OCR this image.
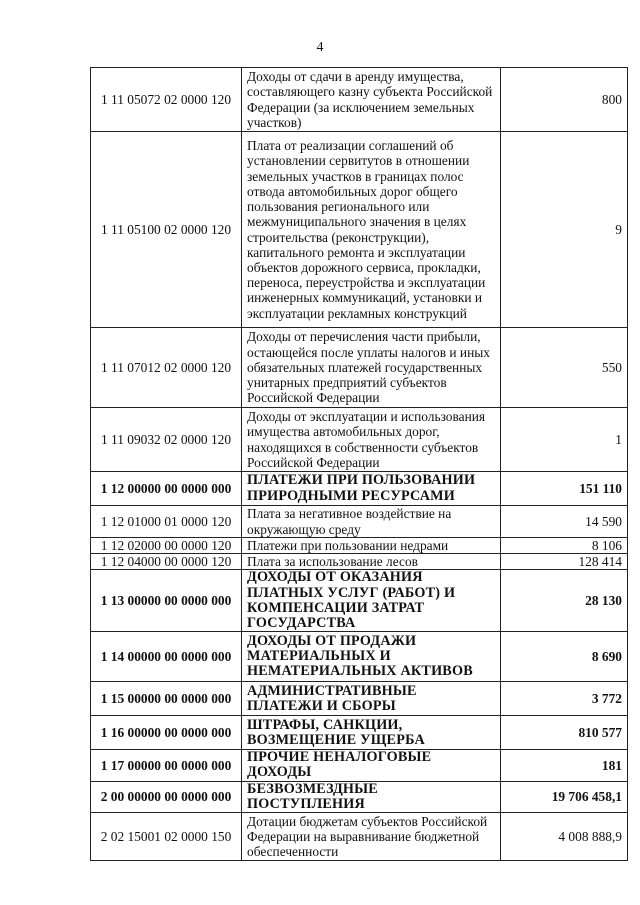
4
1 11 05072 02 0000 120	Доходы от сдачи в аренду имущества, составляющего казну субъекта Российской Федерации (за исключением земельных участков)	800
1 11 05100 02 0000 120	Плата от реализации соглашений об установлении сервитутов в отношении земельных участков в границах полос отвода автомобильных дорог общего пользования регионального или межмуниципального значения в целях строительства (реконструкции), капитального ремонта и эксплуатации объектов дорожного сервиса, прокладки, переноса, переустройства и эксплуатации инженерных коммуникаций, установки и эксплуатации рекламных конструкций	9
1 11 07012 02 0000 120	Доходы от перечисления части прибыли, остающейся после уплаты налогов и иных обязательных платежей государственных унитарных предприятий субъектов Российской Федерации	550
1 11 09032 02 0000 120	Доходы от эксплуатации и использования имущества автомобильных дорог, находящихся в собственности субъектов Российской Федерации	1
1 12 00000 00 0000 000	ПЛАТЕЖИ ПРИ ПОЛЬЗОВАНИИ ПРИРОДНЫМИ РЕСУРСАМИ	151 110
1 12 01000 01 0000 120	Плата за негативное воздействие на окружающую среду	14 590
1 12 02000 00 0000 120	Платежи при пользовании недрами	8 106
1 12 04000 00 0000 120	Плата за использование лесов	128 414
1 13 00000 00 0000 000	ДОХОДЫ ОТ ОКАЗАНИЯ ПЛАТНЫХ УСЛУГ (РАБОТ) И КОМПЕНСАЦИИ ЗАТРАТ ГОСУДАРСТВА	28 130
1 14 00000 00 0000 000	ДОХОДЫ ОТ ПРОДАЖИ МАТЕРИАЛЬНЫХ И НЕМАТЕРИАЛЬНЫХ АКТИВОВ	8 690
1 15 00000 00 0000 000	АДМИНИСТРАТИВНЫЕ ПЛАТЕЖИ И СБОРЫ	3 772
1 16 00000 00 0000 000	ШТРАФЫ, САНКЦИИ, ВОЗМЕЩЕНИЕ УЩЕРБА	810 577
1 17 00000 00 0000 000	ПРОЧИЕ НЕНАЛОГОВЫЕ ДОХОДЫ	181
2 00 00000 00 0000 000	БЕЗВОЗМЕЗДНЫЕ ПОСТУПЛЕНИЯ	19 706 458,1
2 02 15001 02 0000 150	Дотации бюджетам субъектов Российской Федерации на выравнивание бюджетной обеспеченности	4 008 888,9
